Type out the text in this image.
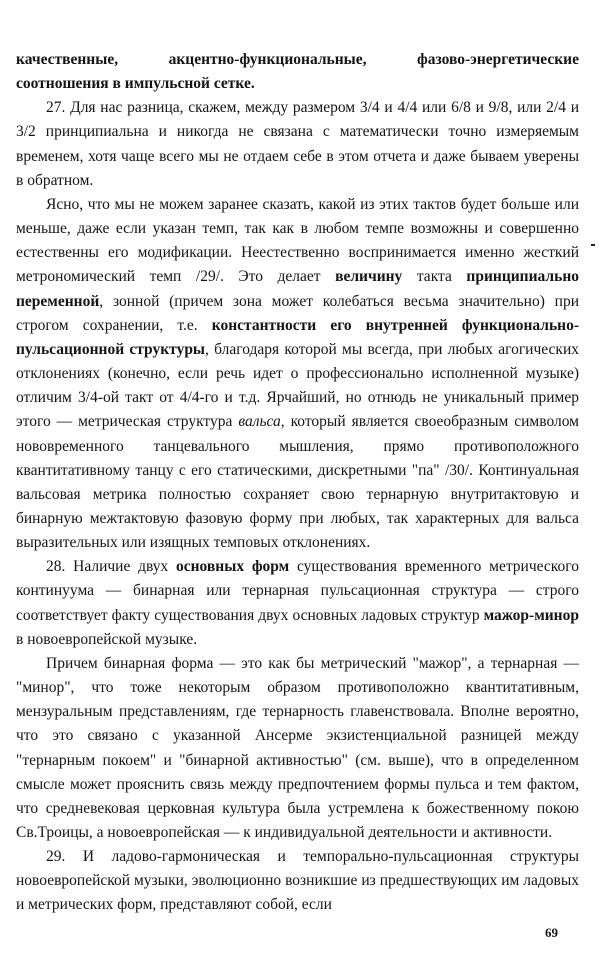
качественные, акцентно-функциональные, фазово-энергетические соотношения в импульсной сетке.

27. Для нас разница, скажем, между размером 3/4 и 4/4 или 6/8 и 9/8, или 2/4 и 3/2 принципиальна и никогда не связана с математически точно измеряемым временем, хотя чаще всего мы не отдаем себе в этом отчета и даже бываем уверены в обратном.

Ясно, что мы не можем заранее сказать, какой из этих тактов будет больше или меньше, даже если указан темп, так как в любом темпе возможны и совершенно естественны его модификации. Неестественно воспринимается именно жесткий метрономический темп /29/. Это делает величину такта принципиально переменной, зонной (причем зона может колебаться весьма значительно) при строгом сохранении, т.е. константности его внутренней функционально-пульсационной структуры, благодаря которой мы всегда, при любых агогических отклонениях (конечно, если речь идет о профессионально исполненной музыке) отличим 3/4-ой такт от 4/4-го и т.д. Ярчайший, но отнюдь не уникальный пример этого — метрическая структура вальса, который является своеобразным символом нововременного танцевального мышления, прямо противоположного квантитативному танцу с его статическими, дискретными "па" /30/. Континуальная вальсовая метрика полностью сохраняет свою тернарную внутритактовую и бинарную межтактовую фазовую форму при любых, так характерных для вальса выразительных или изящных темповых отклонениях.

28. Наличие двух основных форм существования временного метрического континуума — бинарная или тернарная пульсационная структура — строго соответствует факту существования двух основных ладовых структур мажор-минор в новоевропейской музыке.

Причем бинарная форма — это как бы метрический "мажор", а тернарная — "минор", что тоже некоторым образом противоположно квантитативным, мензуральным представлениям, где тернарность главенствовала. Вполне вероятно, что это связано с указанной Ансерме экзистенциальной разницей между "тернарным покоем" и "бинарной активностью" (см. выше), что в определенном смысле может прояснить связь между предпочтением формы пульса и тем фактом, что средневековая церковная культура была устремлена к божественному покою Св.Троицы, а новоевропейская — к индивидуальной деятельности и активности.

29. И ладово-гармоническая и темпорально-пульсационная структуры новоевропейской музыки, эволюционно возникшие из предшествующих им ладовых и метрических форм, представляют собой, если

69
